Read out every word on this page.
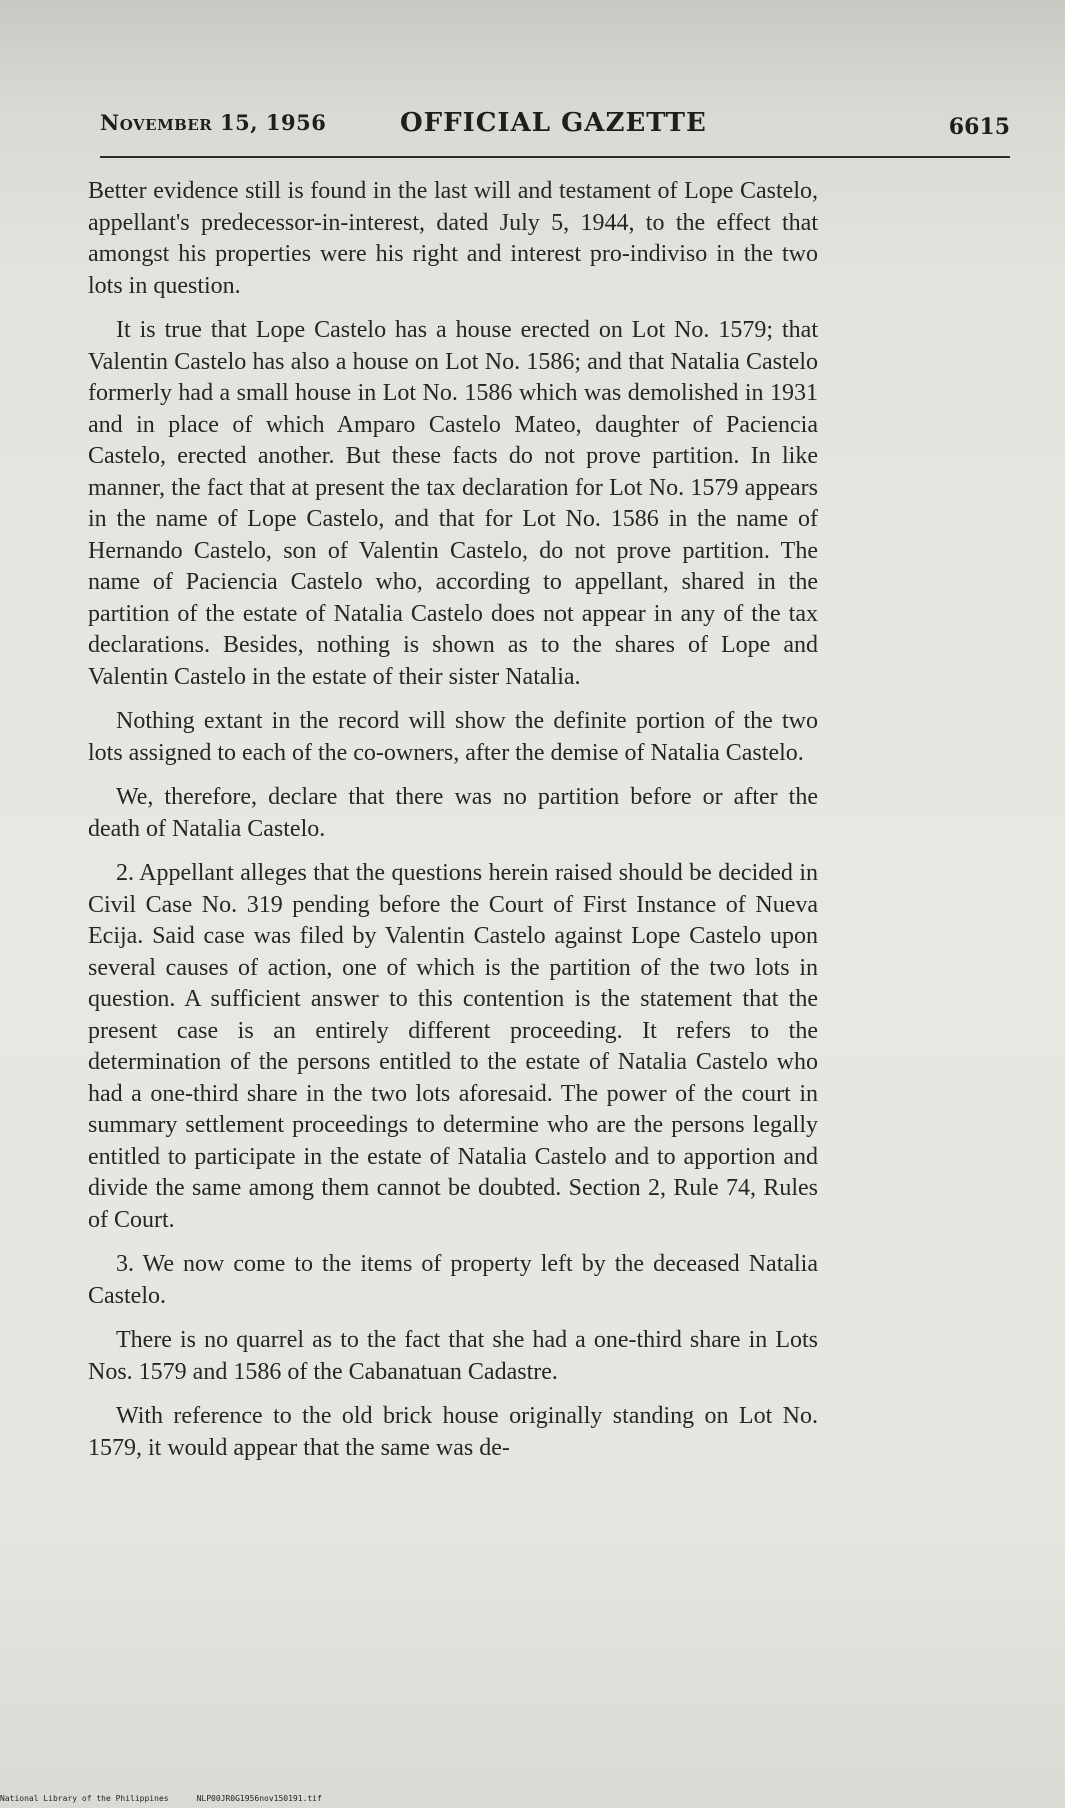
November 15, 1956	OFFICIAL GAZETTE	6615

Better evidence still is found in the last will and testament of Lope Castelo, appellant's predecessor-in-interest, dated July 5, 1944, to the effect that amongst his properties were his right and interest pro-indiviso in the two lots in question.

It is true that Lope Castelo has a house erected on Lot No. 1579; that Valentin Castelo has also a house on Lot No. 1586; and that Natalia Castelo formerly had a small house in Lot No. 1586 which was demolished in 1931 and in place of which Amparo Castelo Mateo, daughter of Paciencia Castelo, erected another. But these facts do not prove partition. In like manner, the fact that at present the tax declaration for Lot No. 1579 appears in the name of Lope Castelo, and that for Lot No. 1586 in the name of Hernando Castelo, son of Valentin Castelo, do not prove partition. The name of Paciencia Castelo who, according to appellant, shared in the partition of the estate of Natalia Castelo does not appear in any of the tax declarations. Besides, nothing is shown as to the shares of Lope and Valentin Castelo in the estate of their sister Natalia.

Nothing extant in the record will show the definite portion of the two lots assigned to each of the co-owners, after the demise of Natalia Castelo.

We, therefore, declare that there was no partition before or after the death of Natalia Castelo.

2. Appellant alleges that the questions herein raised should be decided in Civil Case No. 319 pending before the Court of First Instance of Nueva Ecija. Said case was filed by Valentin Castelo against Lope Castelo upon several causes of action, one of which is the partition of the two lots in question. A sufficient answer to this contention is the statement that the present case is an entirely different proceeding. It refers to the determination of the persons entitled to the estate of Natalia Castelo who had a one-third share in the two lots aforesaid. The power of the court in summary settlement proceedings to determine who are the persons legally entitled to participate in the estate of Natalia Castelo and to apportion and divide the same among them cannot be doubted. Section 2, Rule 74, Rules of Court.

3. We now come to the items of property left by the deceased Natalia Castelo.

There is no quarrel as to the fact that she had a one-third share in Lots Nos. 1579 and 1586 of the Cabanatuan Cadastre.

With reference to the old brick house originally standing on Lot No. 1579, it would appear that the same was de-

National Library of the Philippines	NLP00JR0G1956nov150191.tif
